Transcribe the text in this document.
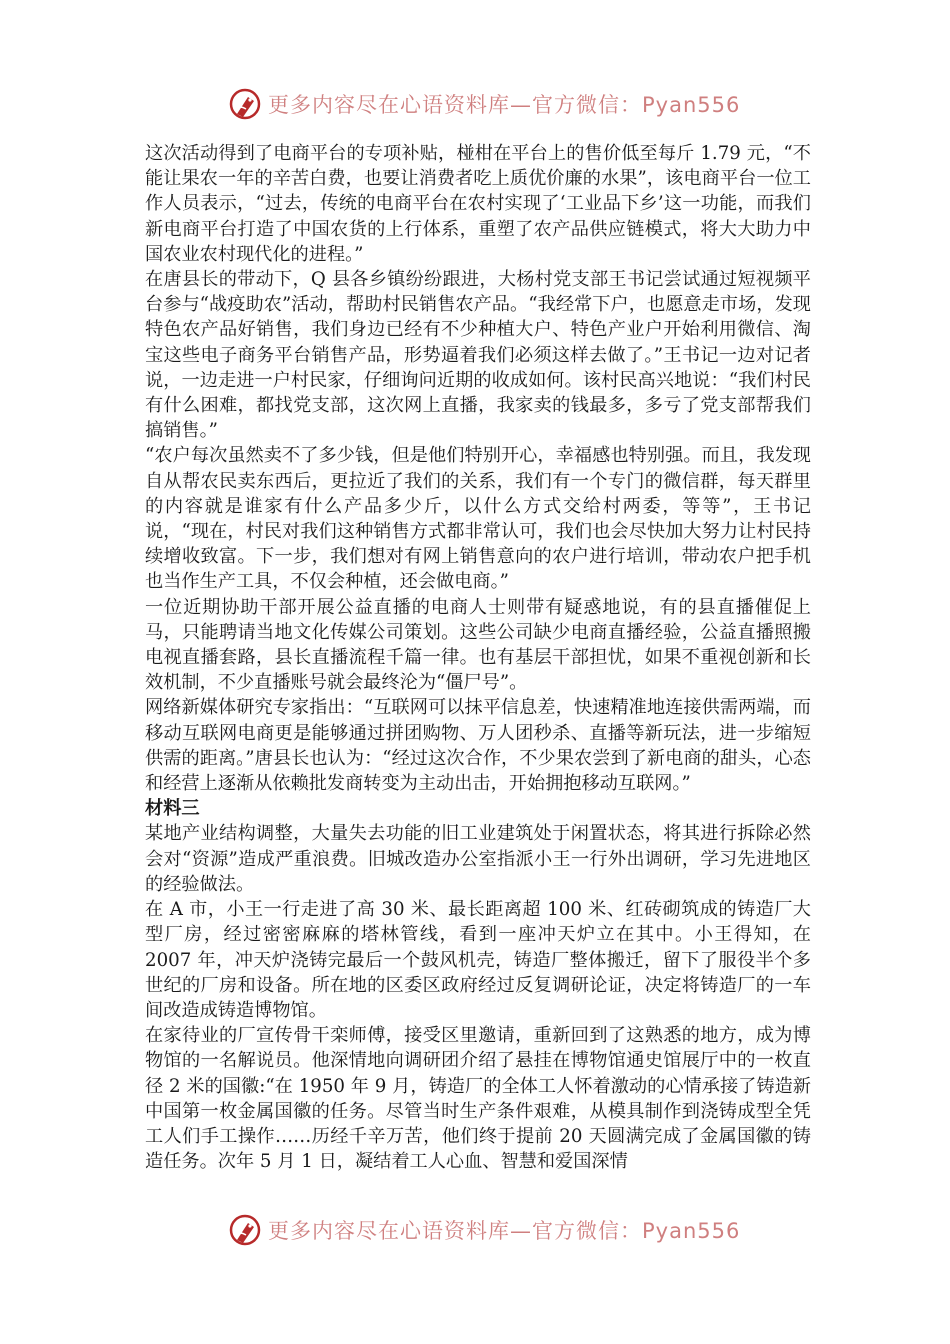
更多内容尽在心语资料库—官方微信：Pyan556

这次活动得到了电商平台的专项补贴，椪柑在平台上的售价低至每斤 1.79 元，“不能让果农一年的辛苦白费，也要让消费者吃上质优价廉的水果”，该电商平台一位工作人员表示，“过去，传统的电商平台在农村实现了‘工业品下乡’这一功能，而我们新电商平台打造了中国农货的上行体系，重塑了农产品供应链模式，将大大助力中国农业农村现代化的进程。”

在唐县长的带动下，Q 县各乡镇纷纷跟进，大杨村党支部王书记尝试通过短视频平台参与“战疫助农”活动，帮助村民销售农产品。“我经常下户，也愿意走市场，发现特色农产品好销售，我们身边已经有不少种植大户、特色产业户开始利用微信、淘宝这些电子商务平台销售产品，形势逼着我们必须这样去做了。”王书记一边对记者说，一边走进一户村民家，仔细询问近期的收成如何。该村民高兴地说：“我们村民有什么困难，都找党支部，这次网上直播，我家卖的钱最多，多亏了党支部帮我们搞销售。”

“农户每次虽然卖不了多少钱，但是他们特别开心，幸福感也特别强。而且，我发现自从帮农民卖东西后，更拉近了我们的关系，我们有一个专门的微信群，每天群里的内容就是谁家有什么产品多少斤，以什么方式交给村两委，等等”，王书记说，“现在，村民对我们这种销售方式都非常认可，我们也会尽快加大努力让村民持续增收致富。下一步，我们想对有网上销售意向的农户进行培训，带动农户把手机也当作生产工具，不仅会种植，还会做电商。”

一位近期协助干部开展公益直播的电商人士则带有疑惑地说，有的县直播催促上马，只能聘请当地文化传媒公司策划。这些公司缺少电商直播经验，公益直播照搬电视直播套路，县长直播流程千篇一律。也有基层干部担忧，如果不重视创新和长效机制，不少直播账号就会最终沦为“僵尸号”。

网络新媒体研究专家指出：“互联网可以抹平信息差，快速精准地连接供需两端，而移动互联网电商更是能够通过拼团购物、万人团秒杀、直播等新玩法，进一步缩短供需的距离。”唐县长也认为：“经过这次合作，不少果农尝到了新电商的甜头，心态和经营上逐渐从依赖批发商转变为主动出击，开始拥抱移动互联网。”

材料三

某地产业结构调整，大量失去功能的旧工业建筑处于闲置状态，将其进行拆除必然会对“资源”造成严重浪费。旧城改造办公室指派小王一行外出调研，学习先进地区的经验做法。

在 A 市，小王一行走进了高 30 米、最长距离超 100 米、红砖砌筑成的铸造厂大型厂房，经过密密麻麻的塔林管线，看到一座冲天炉立在其中。小王得知，在 2007 年，冲天炉浇铸完最后一个鼓风机壳，铸造厂整体搬迁，留下了服役半个多世纪的厂房和设备。所在地的区委区政府经过反复调研论证，决定将铸造厂的一车间改造成铸造博物馆。

在家待业的厂宣传骨干栾师傅，接受区里邀请，重新回到了这熟悉的地方，成为博物馆的一名解说员。他深情地向调研团介绍了悬挂在博物馆通史馆展厅中的一枚直径 2 米的国徽:“在 1950 年 9 月，铸造厂的全体工人怀着激动的心情承接了铸造新中国第一枚金属国徽的任务。尽管当时生产条件艰难，从模具制作到浇铸成型全凭工人们手工操作……历经千辛万苦，他们终于提前 20 天圆满完成了金属国徽的铸造任务。次年 5 月 1 日，凝结着工人心血、智慧和爱国深情

更多内容尽在心语资料库—官方微信：Pyan556
